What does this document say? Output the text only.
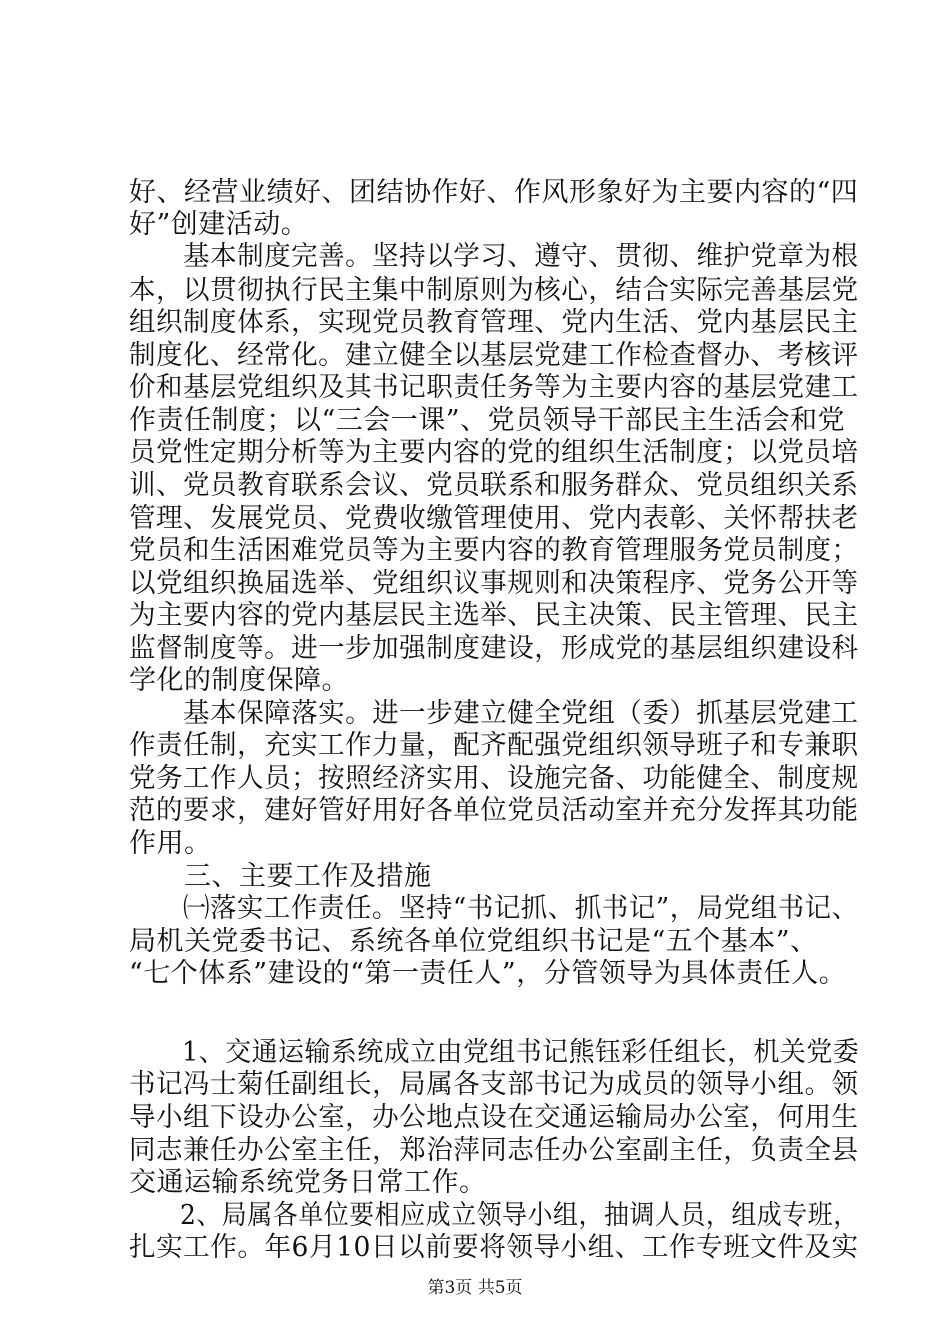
好、经营业绩好、团结协作好、作风形象好为主要内容的“四
好”创建活动。
　　基本制度完善。坚持以学习、遵守、贯彻、维护党章为根
本，以贯彻执行民主集中制原则为核心，结合实际完善基层党
组织制度体系，实现党员教育管理、党内生活、党内基层民主
制度化、经常化。建立健全以基层党建工作检查督办、考核评
价和基层党组织及其书记职责任务等为主要内容的基层党建工
作责任制度；以“三会一课”、党员领导干部民主生活会和党
员党性定期分析等为主要内容的党的组织生活制度；以党员培
训、党员教育联系会议、党员联系和服务群众、党员组织关系
管理、发展党员、党费收缴管理使用、党内表彰、关怀帮扶老
党员和生活困难党员等为主要内容的教育管理服务党员制度；
以党组织换届选举、党组织议事规则和决策程序、党务公开等
为主要内容的党内基层民主选举、民主决策、民主管理、民主
监督制度等。进一步加强制度建设，形成党的基层组织建设科
学化的制度保障。
　　基本保障落实。进一步建立健全党组（委）抓基层党建工
作责任制，充实工作力量，配齐配强党组织领导班子和专兼职
党务工作人员；按照经济实用、设施完备、功能健全、制度规
范的要求，建好管好用好各单位党员活动室并充分发挥其功能
作用。
　　三、主要工作及措施
　　㈠落实工作责任。坚持“书记抓、抓书记”，局党组书记、
局机关党委书记、系统各单位党组织书记是“五个基本”、
“七个体系”建设的“第一责任人”，分管领导为具体责任人。
　　1、交通运输系统成立由党组书记熊钰彩任组长，机关党委
书记冯士菊任副组长，局属各支部书记为成员的领导小组。领
导小组下设办公室，办公地点设在交通运输局办公室，何用生
同志兼任办公室主任，郑治萍同志任办公室副主任，负责全县
交通运输系统党务日常工作。
　　2、局属各单位要相应成立领导小组，抽调人员，组成专班，
扎实工作。年6月10日以前要将领导小组、工作专班文件及实
第3页 共5页
